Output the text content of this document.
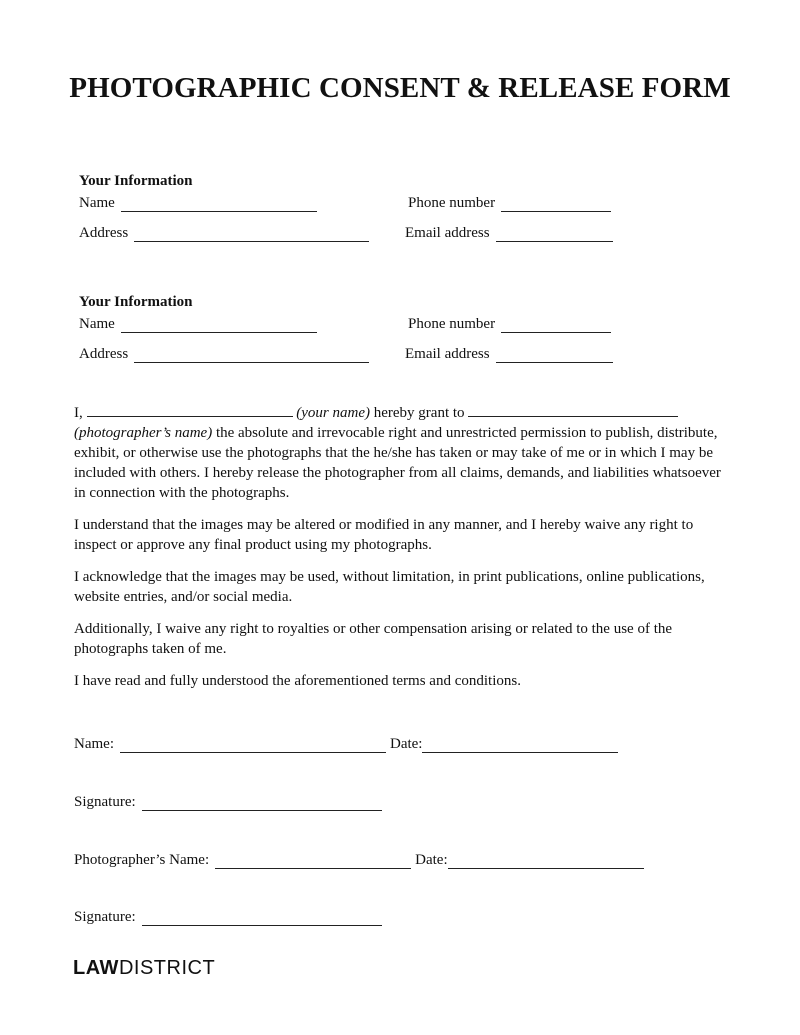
PHOTOGRAPHIC CONSENT & RELEASE FORM
Your Information
Name	Phone number
Address	Email address
Your Information
Name	Phone number
Address	Email address

I,	(your name) hereby grant to  (photographer’s name) the absolute and irrevocable right and unrestricted permission to publish, distribute, exhibit, or otherwise use the photographs that the he/she has taken or may take of me or in which I may be included with others. I hereby release the photographer from all claims, demands, and liabilities whatsoever in connection with the photographs.

I understand that the images may be altered or modified in any manner, and I hereby waive any right to inspect or approve any final product using my photographs.

I acknowledge that the images may be used, without limitation, in print publications, online publications, website entries, and/or social media.

Additionally, I waive any right to royalties or other compensation arising or related to the use of the photographs taken of me.

I have read and fully understood the aforementioned terms and conditions.

Name:	Date:
Signature:
Photographer’s Name:	Date:
Signature:
LAWDISTRICT
